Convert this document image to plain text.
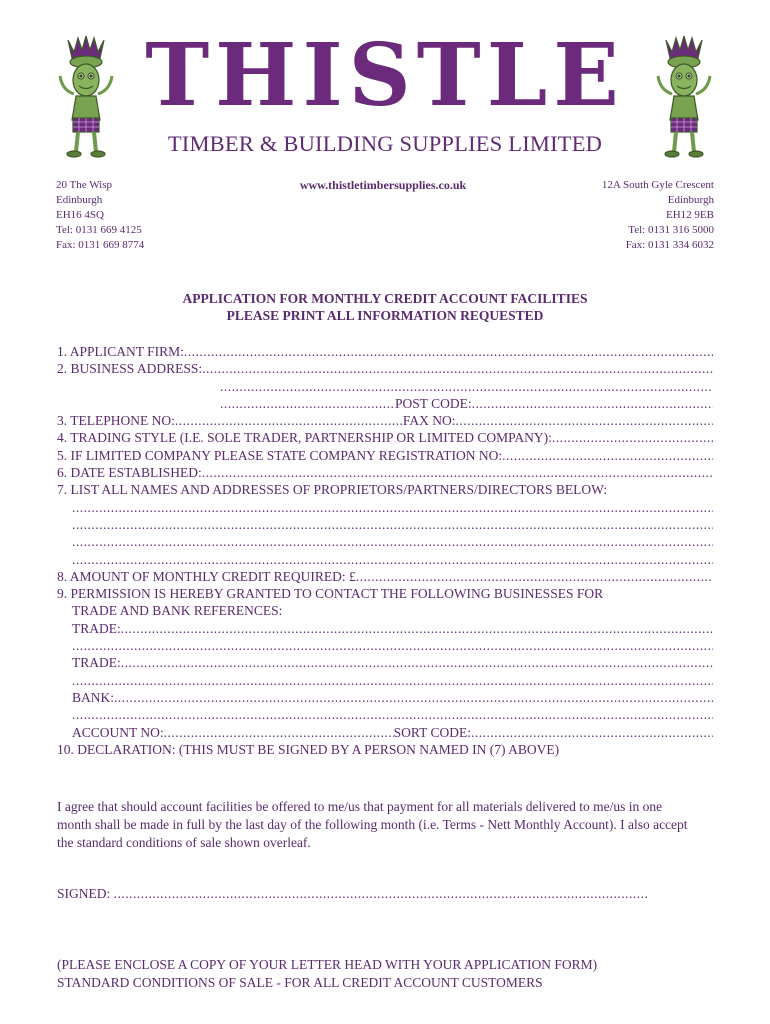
THISTLE
TIMBER & BUILDING SUPPLIES LIMITED
20 The Wisp
Edinburgh
EH16 4SQ
Tel: 0131 669 4125
Fax: 0131 669 8774
www.thistletimbersupplies.co.uk	12A South Gyle Crescent
Edinburgh
EH12 9EB
Tel: 0131 316 5000
Fax: 0131 334 6032
APPLICATION FOR MONTHLY CREDIT ACCOUNT FACILITIES
PLEASE PRINT ALL INFORMATION REQUESTED
1. APPLICANT FIRM:
.....
2. BUSINESS ADDRESS:
.....
.....
.....
POST CODE:
.....
3. TELEPHONE NO: .....	FAX NO:
.....
4. TRADING STYLE (I.E. SOLE TRADER, PARTNERSHIP OR LIMITED COMPANY):
.....
5. IF LIMITED COMPANY PLEASE STATE COMPANY REGISTRATION NO:
.....
6. DATE ESTABLISHED:
.....
7. LIST ALL NAMES AND ADDRESSES OF PROPRIETORS/PARTNERS/DIRECTORS BELOW:
.....
.....
.....
.....
8. AMOUNT OF MONTHLY CREDIT REQUIRED: £
.....
9. PERMISSION IS HEREBY GRANTED TO CONTACT THE FOLLOWING BUSINESSES FOR
TRADE AND BANK REFERENCES:
TRADE:
.....
.....
TRADE:
.....
.....
BANK:
.....
.....
ACCOUNT NO: .....	SORT CODE:
.....
10. DECLARATION: (THIS MUST BE SIGNED BY A PERSON NAMED IN (7) ABOVE)
I agree that should account facilities be offered to me/us that payment for all materials delivered to me/us in one month shall be made in full by the last day of the following month (i.e. Terms - Nett Monthly Account). I also accept the standard conditions of sale shown overleaf.
SIGNED:
.....
(PLEASE ENCLOSE A COPY OF YOUR LETTER HEAD WITH YOUR APPLICATION FORM)
STANDARD CONDITIONS OF SALE - FOR ALL CREDIT ACCOUNT CUSTOMERS
